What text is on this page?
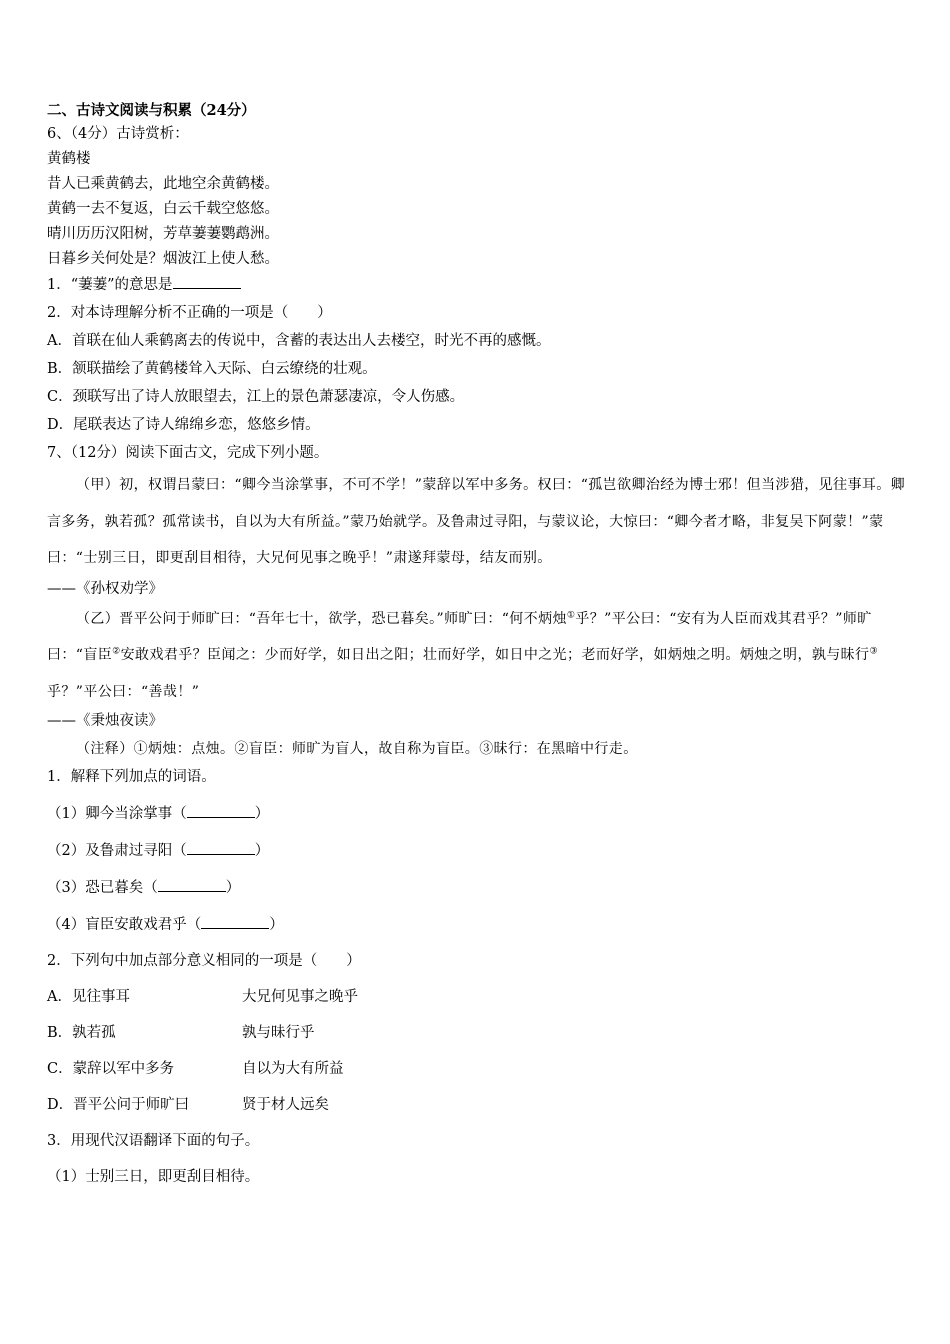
二、古诗文阅读与积累（24分）
6、（4分）古诗赏析：
黄鹤楼
昔人已乘黄鹤去，此地空余黄鹤楼。
黄鹤一去不复返，白云千载空悠悠。
晴川历历汉阳树，芳草萋萋鹦鹉洲。
日暮乡关何处是？烟波江上使人愁。
1．“萋萋”的意思是
2．对本诗理解分析不正确的一项是（　　）
A．首联在仙人乘鹤离去的传说中，含蓄的表达出人去楼空，时光不再的感慨。
B．颔联描绘了黄鹤楼耸入天际、白云缭绕的壮观。
C．颈联写出了诗人放眼望去，江上的景色萧瑟凄凉，令人伤感。
D．尾联表达了诗人绵绵乡恋，悠悠乡情。
7、（12分）阅读下面古文，完成下列小题。
（甲）初，权谓吕蒙曰：“卿今当涂掌事，不可不学！”蒙辞以军中多务。权曰：“孤岂欲卿治经为博士邪！但当涉猎，见往事耳。卿言多务，孰若孤？孤常读书，自以为大有所益。”蒙乃始就学。及鲁肃过寻阳，与蒙议论，大惊曰：“卿今者才略，非复吴下阿蒙！”蒙曰：“士别三日，即更刮目相待，大兄何见事之晚乎！”肃遂拜蒙母，结友而别。
——《孙权劝学》
（乙）晋平公问于师旷曰：“吾年七十，欲学，恐已暮矣。”师旷曰：“何不炳烛①乎？”平公曰：“安有为人臣而戏其君乎？”师旷曰：“盲臣②安敢戏君乎？臣闻之：少而好学，如日出之阳；壮而好学，如日中之光；老而好学，如炳烛之明。炳烛之明，孰与昧行③乎？”平公曰：“善哉！”
——《秉烛夜读》
（注释）①炳烛：点烛。②盲臣：师旷为盲人，故自称为盲臣。③昧行：在黑暗中行走。
1．解释下列加点的词语。
（1）卿今当涂掌事（	）
（2）及鲁肃过寻阳（	）
（3）恐已暮矣（	）
（4）盲臣安敢戏君乎（	）
2．下列句中加点部分意义相同的一项是（　　）
A．见往事耳	大兄何见事之晚乎
B．孰若孤	孰与昧行乎
C．蒙辞以军中多务	自以为大有所益
D．晋平公问于师旷曰	贤于材人远矣
3．用现代汉语翻译下面的句子。
（1）士别三日，即更刮目相待。
